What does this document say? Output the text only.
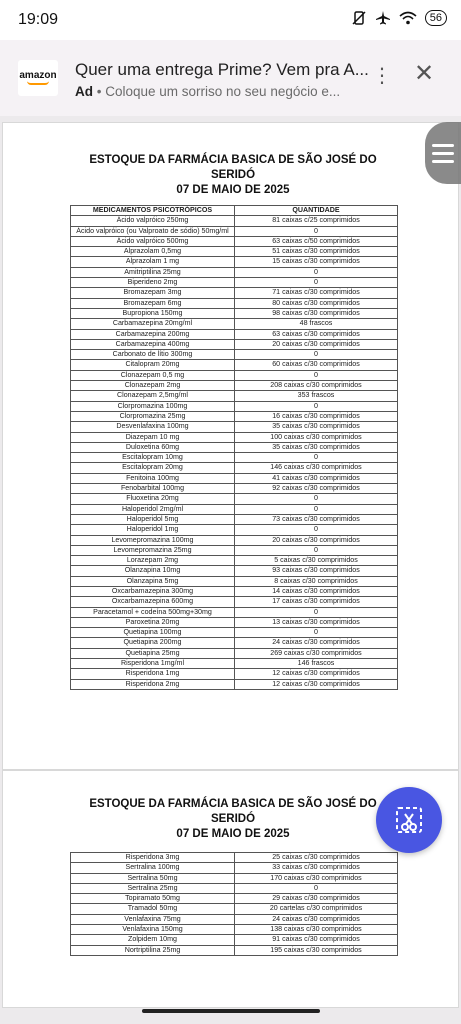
19:09	56
amazon Quer uma entrega Prime? Vem pra A...
Ad • Coloque um sorriso no seu negócio e...
⋮ ✕
ESTOQUE DA FARMÁCIA BASICA DE SÃO JOSÉ DO
SERIDÓ
07 DE MAIO DE 2025
MEDICAMENTOS PSICOTRÓPICOS	QUANTIDADE
Ácido valpróico 250mg	81 caixas c/25 comprimidos
Ácido valpróico (ou Valproato de sódio) 50mg/ml	0
Ácido valpróico 500mg	63 caixas c/50 comprimidos
Alprazolam 0,5mg	51 caixas c/30 comprimidos
Alprazolam 1 mg	15 caixas c/30 comprimidos
Amitriptilina 25mg	0
Biperideno 2mg	0
Bromazepam 3mg	71 caixas c/30 comprimidos
Bromazepam 6mg	80 caixas c/30 comprimidos
Bupropiona 150mg	98 caixas c/30 comprimidos
Carbamazepina 20mg/ml	48 frascos
Carbamazepina 200mg	63 caixas c/30 comprimidos
Carbamazepina 400mg	20 caixas c/30 comprimidos
Carbonato de lítio 300mg	0
Citalopram 20mg	60 caixas c/30 comprimidos
Clonazepam 0,5 mg	0
Clonazepam 2mg	208 caixas c/30 comprimidos
Clonazepam 2,5mg/ml	353 frascos
Clorpromazina 100mg	0
Clorpromazina 25mg	16 caixas c/30 comprimidos
Desvenlafaxina 100mg	35 caixas c/30 comprimidos
Diazepam 10 mg	100 caixas c/30 comprimidos
Duloxetina 60mg	35 caixas c/30 comprimidos
Escitalopram 10mg	0
Escitalopram 20mg	146 caixas c/30 comprimidos
Fenitoina 100mg	41 caixas c/30 comprimidos
Fenobarbital 100mg	92 caixas c/30 comprimidos
Fluoxetina 20mg	0
Haloperidol 2mg/ml	0
Haloperidol 5mg	73 caixas c/30 comprimidos
Haloperidol 1mg	0
Levomepromazina 100mg	20 caixas c/30 comprimidos
Levomepromazina 25mg	0
Lorazepam 2mg	5 caixas c/30 comprimidos
Olanzapina 10mg	93 caixas c/30 comprimidos
Olanzapina 5mg	8 caixas c/30 comprimidos
Oxcarbamazepina 300mg	14 caixas c/30 comprimidos
Oxcarbamazepina 600mg	17 caixas c/30 comprimidos
Paracetamol + codeína 500mg+30mg	0
Paroxetina 20mg	13 caixas c/30 comprimidos
Quetiapina 100mg	0
Quetiapina 200mg	24 caixas c/30 comprimidos
Quetiapina 25mg	269 caixas c/30 comprimidos
Risperidona 1mg/ml	146 frascos
Risperidona 1mg	12 caixas c/30 comprimidos
Risperidona 2mg	12 caixas c/30 comprimidos
ESTOQUE DA FARMÁCIA BASICA DE SÃO JOSÉ DO
SERIDÓ
07 DE MAIO DE 2025
Risperidona 3mg	25 caixas c/30 comprimidos
Sertralina 100mg	33 caixas c/30 comprimidos
Sertralina 50mg	170 caixas c/30 comprimidos
Sertralina 25mg	0
Topiramato 50mg	29 caixas c/30 comprimidos
Tramadol 50mg	20 cartelas c/30 comprimidos
Venlafaxina 75mg	24 caixas c/30 comprimidos
Venlafaxina 150mg	138 caixas c/30 comprimidos
Zolpidem 10mg	91 caixas c/30 comprimidos
Nortriptilina 25mg	195 caixas c/30 comprimidos
